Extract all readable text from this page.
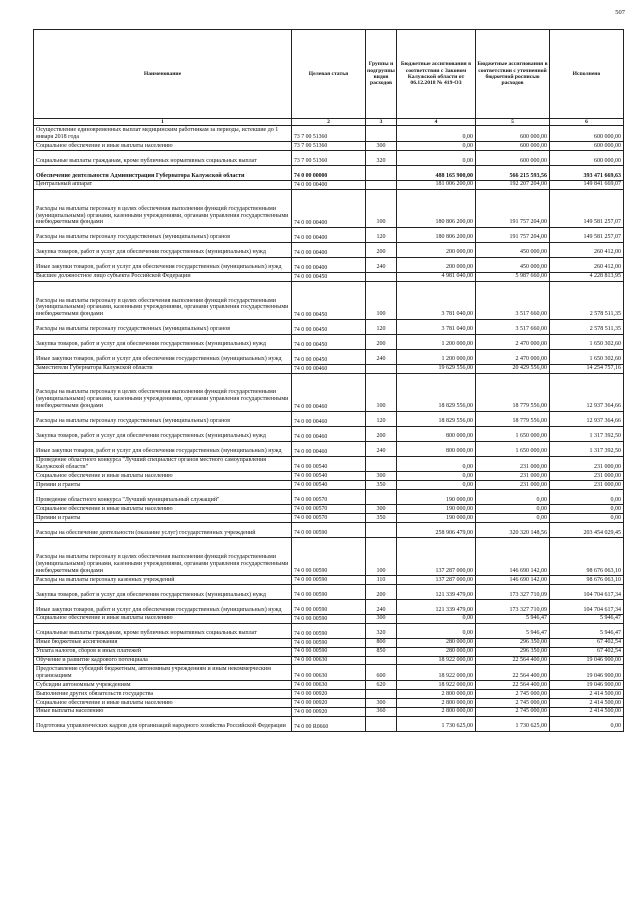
507
Наименование	Целевая статья	Группы и подгруппы видов расходов	Бюджетные ассигнования в соответствии с Законом Калужской области от 06.12.2018 № 419-ОЗ	Бюджетные ассигнования в соответствии с уточненной бюджетной росписью расходов	Исполнено
1	2	3	4	5	6
Осуществление единовременных выплат медицинским работникам за периоды, истекшие до 1 января 2018 года	73 7 00 51360		0,00	600 000,00	600 000,00
Социальное обеспечение и иные выплаты населению	73 7 00 51360	300	0,00	600 000,00	600 000,00
Социальные выплаты гражданам, кроме публичных нормативных социальных выплат	73 7 00 51360	320	0,00	600 000,00	600 000,00
Обеспечение деятельности Администрации Губернатора Калужской области	74 0 00 00000		488 165 900,00	566 215 593,56	393 471 669,63
Центральный аппарат	74 0 00 00400		181 006 200,00	192 207 204,00	149 841 669,07
Расходы на выплаты персоналу в целях обеспечения выполнения функций государственными (муниципальными) органами, казенными учреждениями, органами управления государственными внебюджетными фондами	74 0 00 00400	100	180 806 200,00	191 757 204,00	149 581 257,07
Расходы на выплаты персоналу государственных (муниципальных) органов	74 0 00 00400	120	180 806 200,00	191 757 204,00	149 581 257,07
Закупка товаров, работ и услуг для обеспечения государственных (муниципальных) нужд	74 0 00 00400	200	200 000,00	450 000,00	260 412,00
Иные закупки товаров, работ и услуг для обеспечения государственных (муниципальных) нужд	74 0 00 00400	240	200 000,00	450 000,00	260 412,00
Высшее должностное лицо субъекта Российской Федерации	74 0 00 00450		4 981 040,00	5 987 660,00	4 228 813,95
Расходы на выплаты персоналу в целях обеспечения выполнения функций государственными (муниципальными) органами, казенными учреждениями, органами управления государственными внебюджетными фондами	74 0 00 00450	100	3 781 040,00	3 517 660,00	2 578 511,35
Расходы на выплаты персоналу государственных (муниципальных) органов	74 0 00 00450	120	3 781 040,00	3 517 660,00	2 578 511,35
Закупка товаров, работ и услуг для обеспечения государственных (муниципальных) нужд	74 0 00 00450	200	1 200 000,00	2 470 000,00	1 650 302,60
Иные закупки товаров, работ и услуг для обеспечения государственных (муниципальных) нужд	74 0 00 00450	240	1 200 000,00	2 470 000,00	1 650 302,60
Заместители Губернатора Калужской области	74 0 00 00460		19 629 556,00	20 429 556,00	14 254 757,16
Расходы на выплаты персоналу в целях обеспечения выполнения функций государственными (муниципальными) органами, казенными учреждениями, органами управления государственными внебюджетными фондами	74 0 00 00460	100	18 829 556,00	18 779 556,00	12 937 364,66
Расходы на выплаты персоналу государственных (муниципальных) органов	74 0 00 00460	120	18 829 556,00	18 779 556,00	12 937 364,66
Закупка товаров, работ и услуг для обеспечения государственных (муниципальных) нужд	74 0 00 00460	200	800 000,00	1 650 000,00	1 317 392,50
Иные закупки товаров, работ и услуг для обеспечения государственных (муниципальных) нужд	74 0 00 00460	240	800 000,00	1 650 000,00	1 317 392,50
Проведение областного конкурса "Лучший специалист органов местного самоуправления Калужской области"	74 0 00 00540		0,00	231 000,00	231 000,00
Социальное обеспечение и иные выплаты населению	74 0 00 00540	300	0,00	231 000,00	231 000,00
Премии и гранты	74 0 00 00540	350	0,00	231 000,00	231 000,00
Проведение областного конкурса "Лучший муниципальный служащий"	74 0 00 00570		190 000,00	0,00	0,00
Социальное обеспечение и иные выплаты населению	74 0 00 00570	300	190 000,00	0,00	0,00
Премии и гранты	74 0 00 00570	350	190 000,00	0,00	0,00
Расходы на обеспечение деятельности (оказание услуг) государственных учреждений	74 0 00 00590		258 906 479,00	320 320 148,56	203 454 029,45
Расходы на выплаты персоналу в целях обеспечения выполнения функций государственными (муниципальными) органами, казенными учреждениями, органами управления государственными внебюджетными фондами	74 0 00 00590	100	137 287 000,00	146 690 142,00	98 676 063,10
Расходы на выплаты персоналу казенных учреждений	74 0 00 00590	110	137 287 000,00	146 690 142,00	98 676 063,10
Закупка товаров, работ и услуг для обеспечения государственных (муниципальных) нужд	74 0 00 00590	200	121 339 479,00	173 327 710,09	104 704 617,34
Иные закупки товаров, работ и услуг для обеспечения государственных (муниципальных) нужд	74 0 00 00590	240	121 339 479,00	173 327 710,09	104 704 617,34
Социальное обеспечение и иные выплаты населению	74 0 00 00590	300	0,00	5 946,47	5 946,47
Социальные выплаты гражданам, кроме публичных нормативных социальных выплат	74 0 00 00590	320	0,00	5 946,47	5 946,47
Иные бюджетные ассигнования	74 0 00 00590	800	280 000,00	296 350,00	67 402,54
Уплата налогов, сборов и иных платежей	74 0 00 00590	850	280 000,00	296 350,00	67 402,54
Обучение и развитие кадрового потенциала	74 0 00 00630		18 922 000,00	22 564 400,00	19 046 900,00
Предоставление субсидий бюджетным, автономным учреждениям и иным некоммерческим организациям	74 0 00 00630	600	18 922 000,00	22 564 400,00	19 046 900,00
Субсидии автономным учреждениям	74 0 00 00630	620	18 922 000,00	22 564 400,00	19 046 900,00
Выполнение других обязательств государства	74 0 00 00920		2 800 000,00	2 745 000,00	2 414 500,00
Социальное обеспечение и иные выплаты населению	74 0 00 00920	300	2 800 000,00	2 745 000,00	2 414 500,00
Иные выплаты населению	74 0 00 00920	360	2 800 000,00	2 745 000,00	2 414 500,00
Подготовка управленческих кадров для организаций народного хозяйства Российской Федерации	74 0 00 R0660		1 730 625,00	1 730 625,00	0,00
